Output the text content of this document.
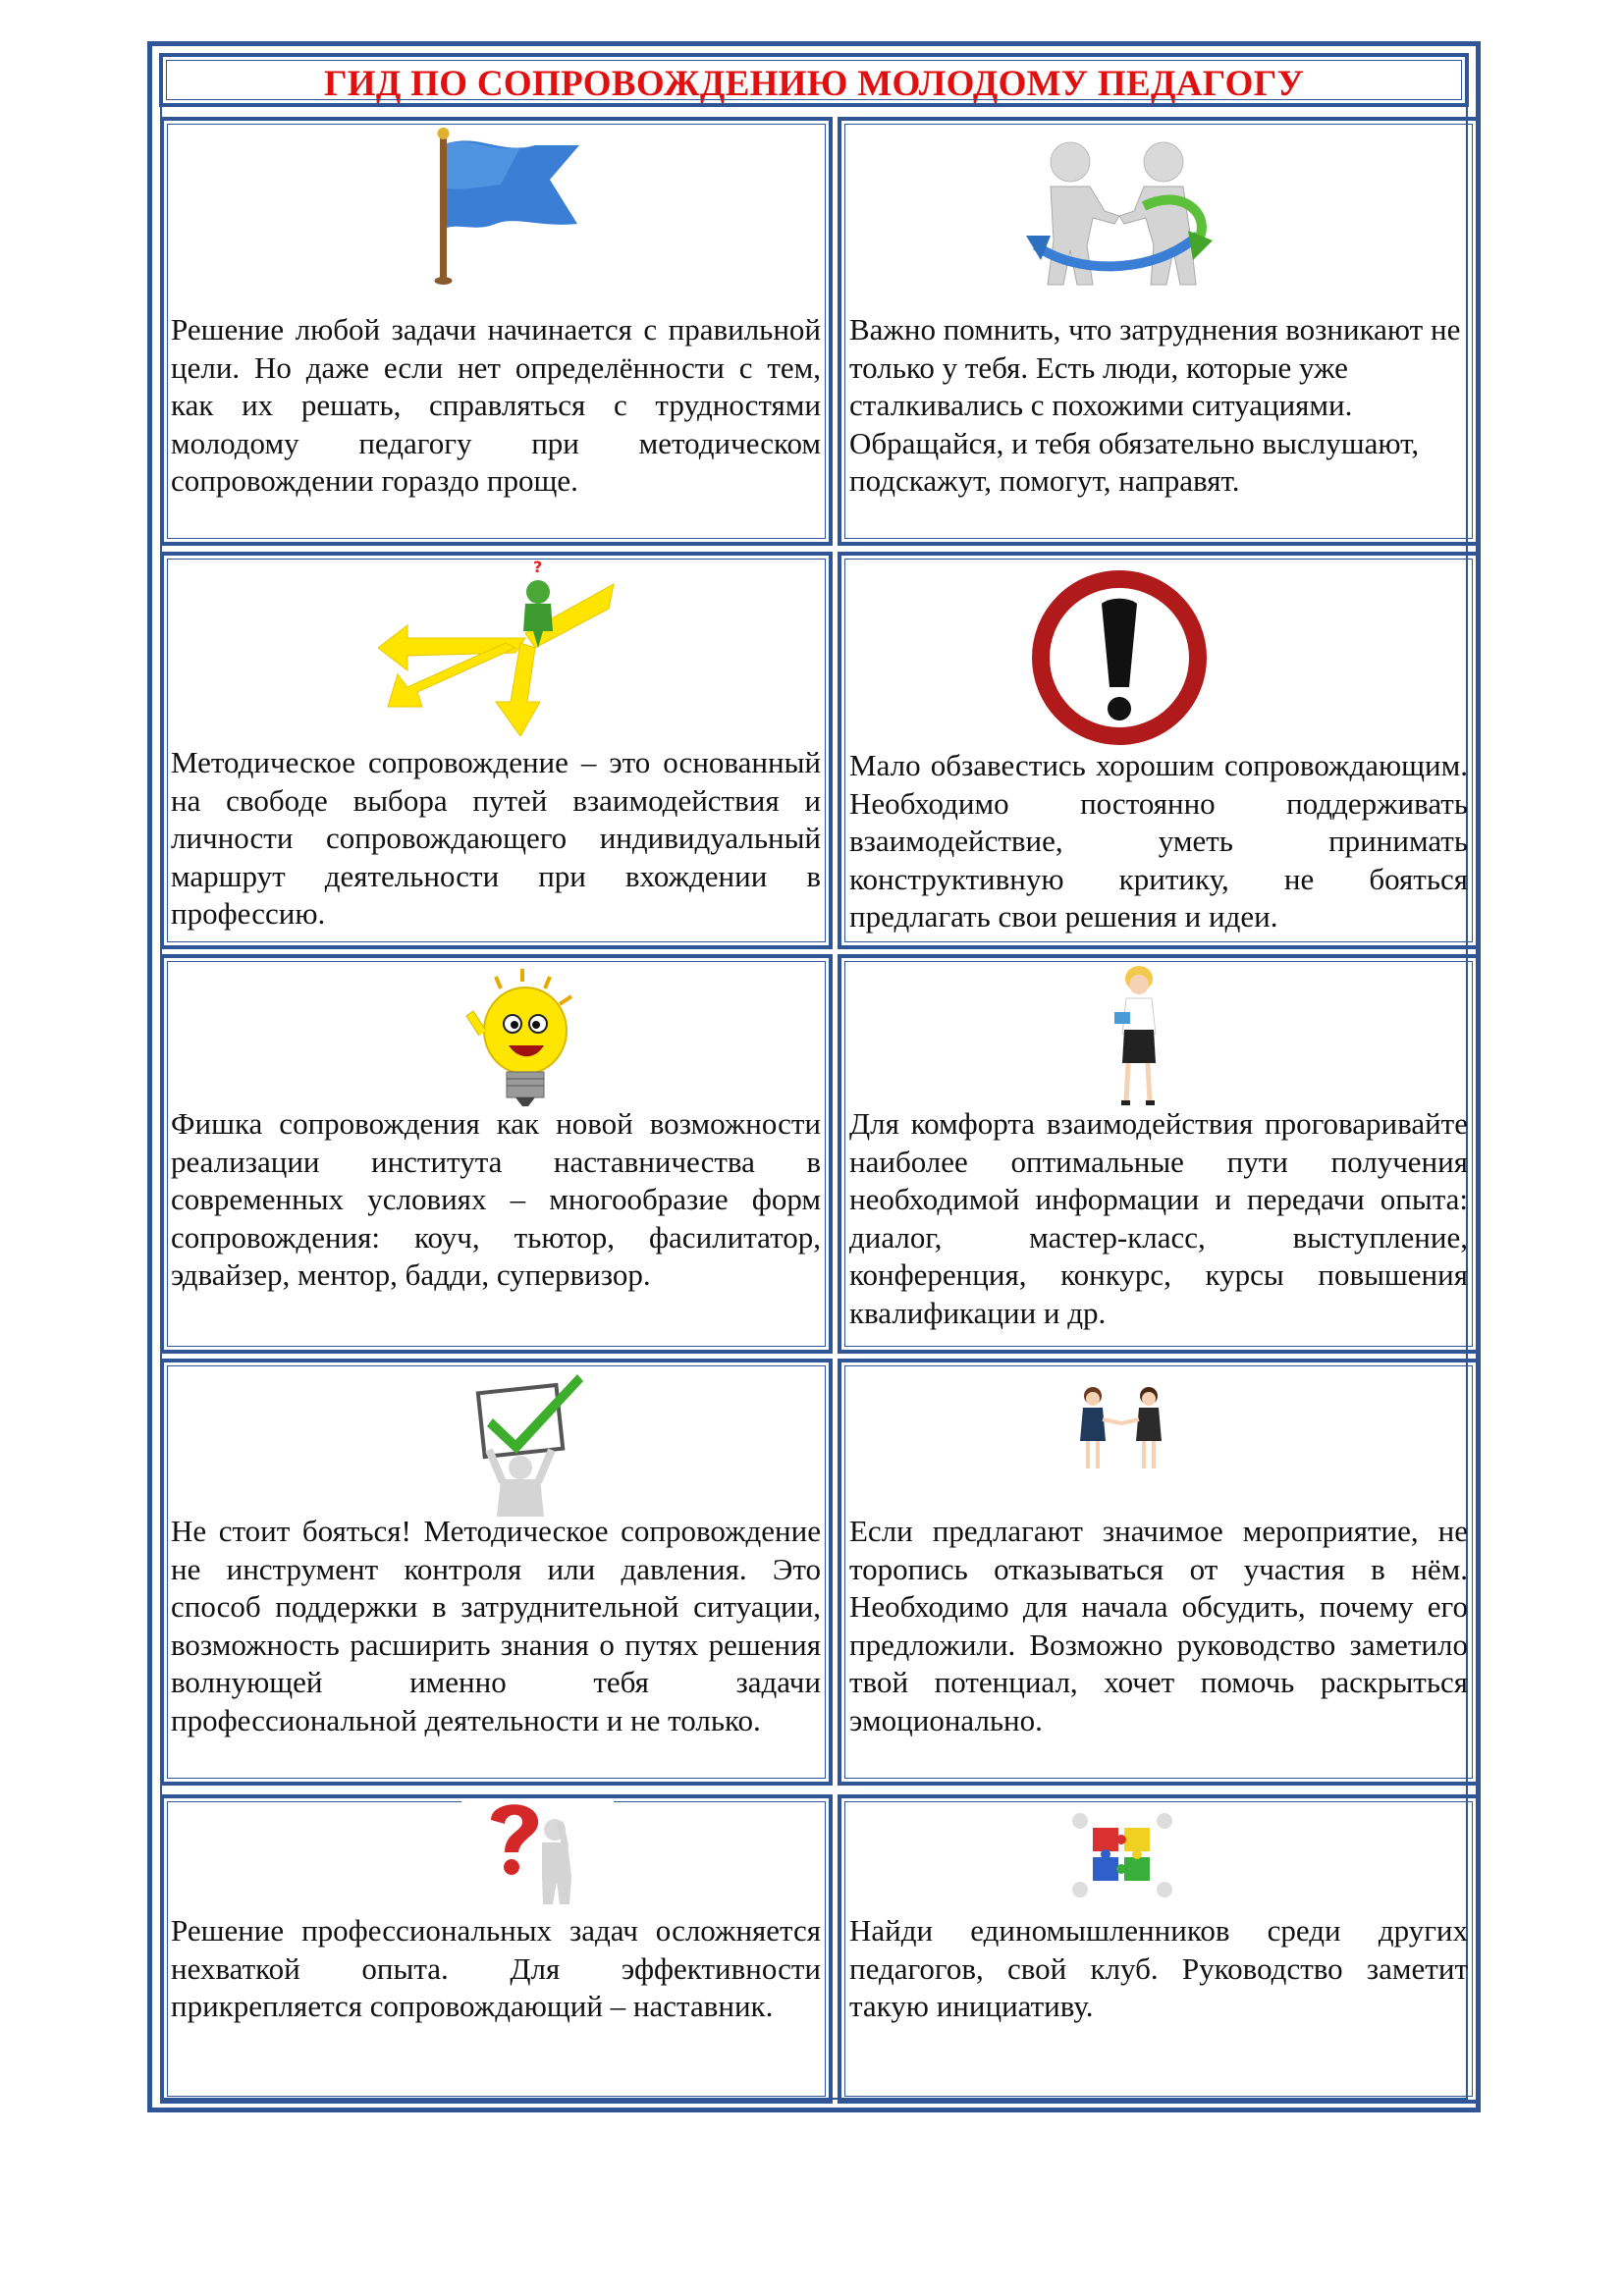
ГИД ПО СОПРОВОЖДЕНИЮ МОЛОДОМУ ПЕДАГОГУ
?

Решение любой задачи начинается с правильной цели. Но даже если нет определённости с тем, как их решать, справляться с трудностями молодому педагогу при методическом сопровождении гораздо проще.

Важно помнить, что затруднения возникают не только у тебя. Есть люди, которые уже сталкивались с похожими ситуациями. Обращайся, и тебя обязательно выслушают, подскажут, помогут, направят.

Методическое сопровождение – это основанный на свободе выбора путей взаимодействия и личности сопровождающего индивидуальный маршрут деятельности при вхождении в профессию.

Мало обзавестись хорошим сопровождающим. Необходимо постоянно поддерживать взаимодействие, уметь принимать конструктивную критику, не бояться предлагать свои решения и идеи.

Фишка сопровождения как новой возможности реализации института наставничества в современных условиях – многообразие форм сопровождения: коуч, тьютор, фасилитатор, эдвайзер, ментор, бадди, супервизор.

Для комфорта взаимодействия проговаривайте наиболее оптимальные пути получения необходимой информации и передачи опыта: диалог, мастер-класс, выступление, конференция, конкурс, курсы повышения квалификации и др.

Не стоит бояться! Методическое сопровождение не инструмент контроля или давления. Это способ поддержки в затруднительной ситуации, возможность расширить знания о путях решения волнующей именно тебя задачи профессиональной деятельности и не только.

Если предлагают значимое мероприятие, не торопись отказываться от участия в нём. Необходимо для начала обсудить, почему его предложили. Возможно руководство заметило твой потенциал, хочет помочь раскрыться эмоционально.

Решение профессиональных задач осложняется нехваткой опыта. Для эффективности прикрепляется сопровождающий – наставник.

Найди единомышленников среди других педагогов, свой клуб. Руководство заметит такую инициативу.
